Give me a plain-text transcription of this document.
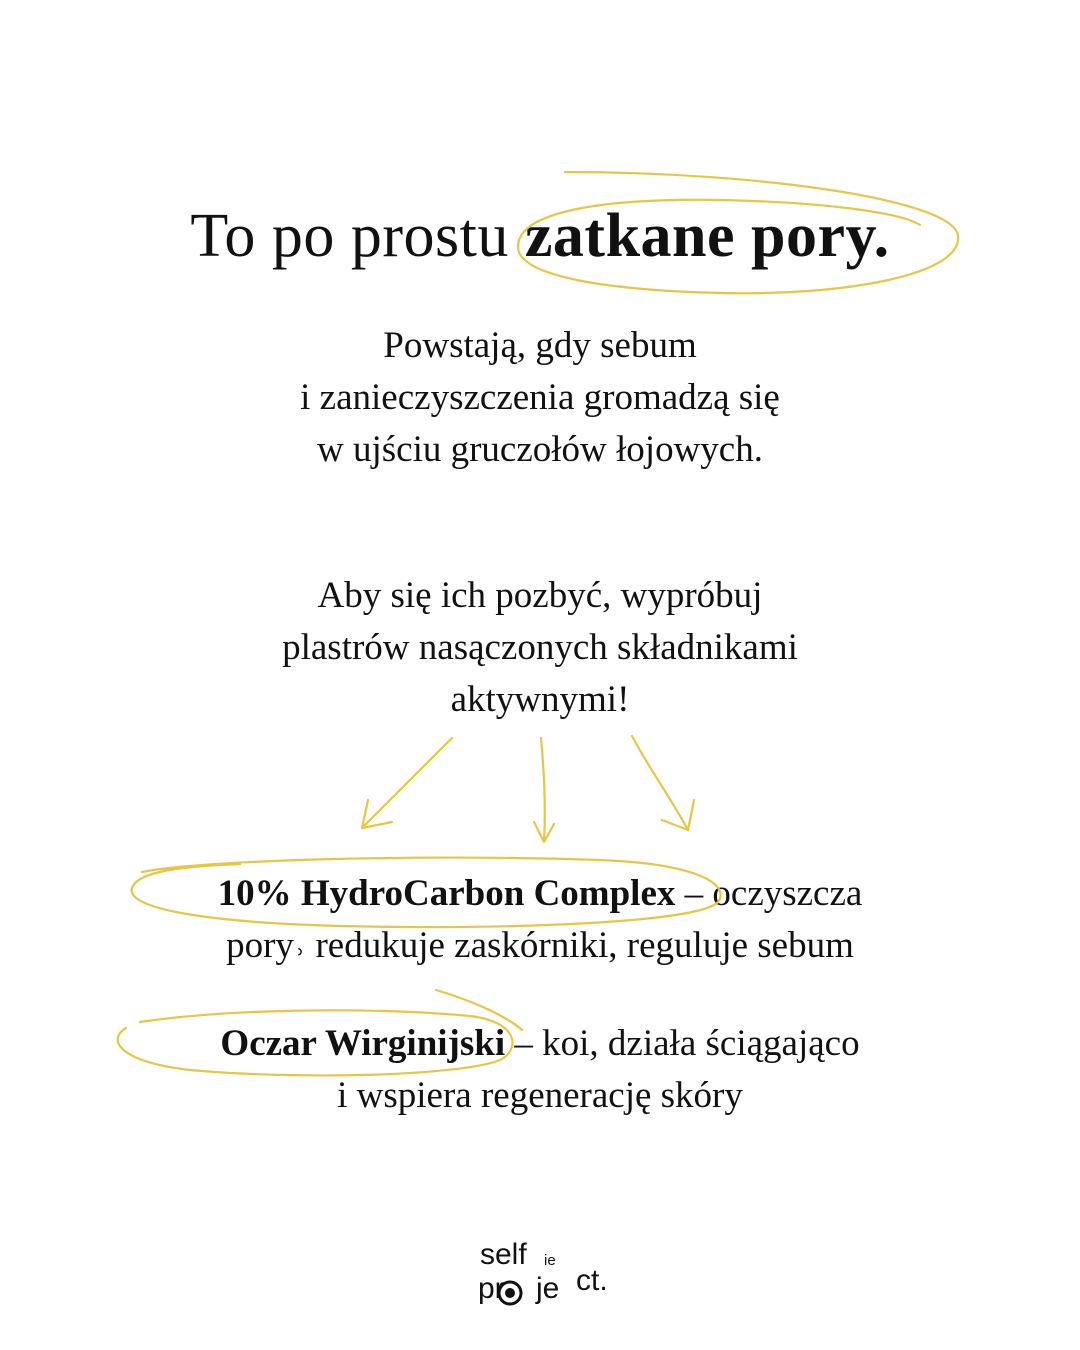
To po prostu zatkane pory.
Powstają, gdy sebum
i zanieczyszczenia gromadzą się
w ujściu gruczołów łojowych.
Aby się ich pozbyć, wypróbuj
plastrów nasączonych składnikami
aktywnymi!
10% HydroCarbon Complex – oczyszcza
pory˒ redukuje zaskórniki, reguluje sebum
Oczar Wirginijski – koi, działa ściągająco
i wspiera regenerację skóry
self ie
pr je ct.
